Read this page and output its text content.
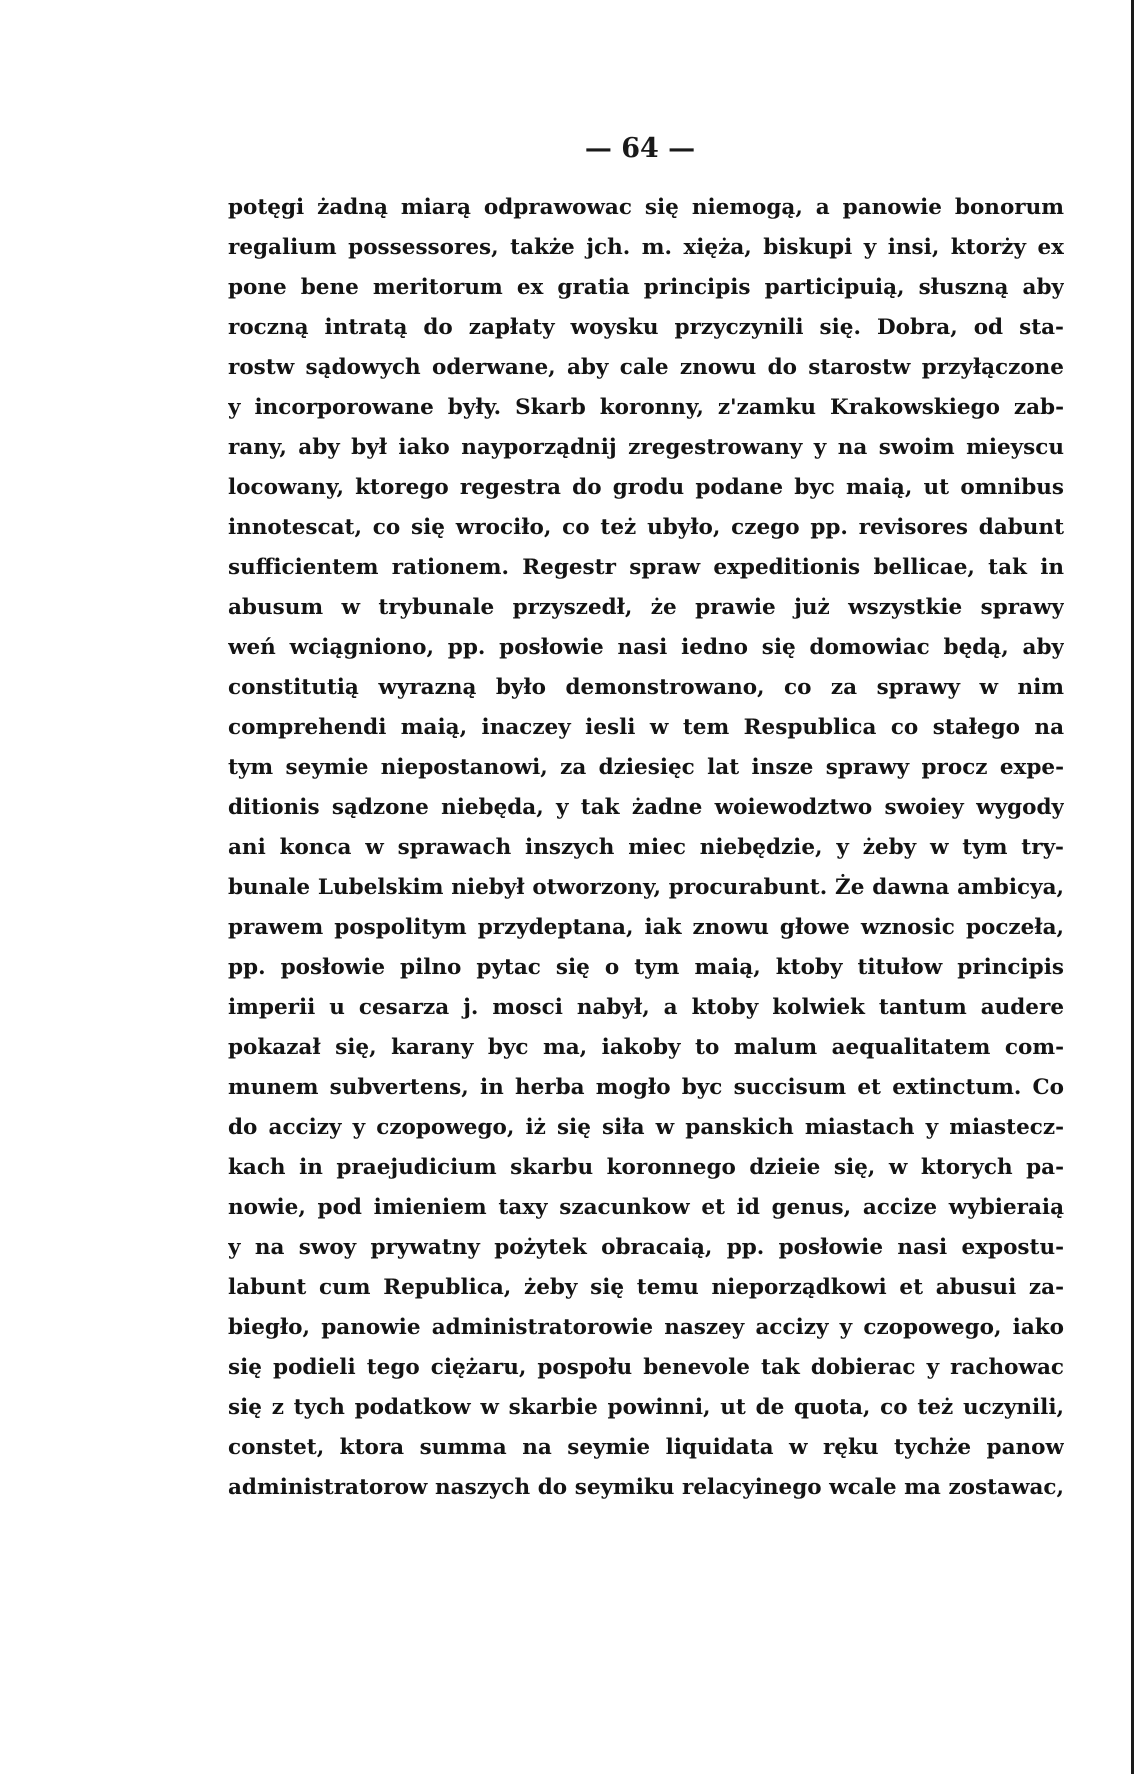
— 64 —
potęgi żadną miarą odprawowac się niemogą, a panowie bonorum
regalium possessores, także jch. m. xięża, biskupi y insi, ktorży ex
pone bene meritorum ex gratia principis participuią, słuszną aby
roczną intratą do zapłaty woysku przyczynili się. Dobra, od sta-
rostw sądowych oderwane, aby cale znowu do starostw przyłączone
y incorporowane były. Skarb koronny, z'zamku Krakowskiego zab-
rany, aby był iako nayporządnij zregestrowany y na swoim mieyscu
locowany, ktorego regestra do grodu podane byc maią, ut omnibus
innotescat, co się wrociło, co też ubyło, czego pp. revisores dabunt
sufficientem rationem. Regestr spraw expeditionis bellicae, tak in
abusum w trybunale przyszedł, że prawie już wszystkie sprawy
weń wciągniono, pp. posłowie nasi iedno się domowiac będą, aby
constitutią wyrazną było demonstrowano, co za sprawy w nim
comprehendi maią, inaczey iesli w tem Respublica co stałego na
tym seymie niepostanowi, za dziesięc lat insze sprawy procz expe-
ditionis sądzone niebęda, y tak żadne woiewodztwo swoiey wygody
ani konca w sprawach inszych miec niebędzie, y żeby w tym try-
bunale Lubelskim niebył otworzony, procurabunt. Że dawna ambicya,
prawem pospolitym przydeptana, iak znowu głowe wznosic poczeła,
pp. posłowie pilno pytac się o tym maią, ktoby titułow principis
imperii u cesarza j. mosci nabył, a ktoby kolwiek tantum audere
pokazał się, karany byc ma, iakoby to malum aequalitatem com-
munem subvertens, in herba mogło byc succisum et extinctum. Co
do accizy y czopowego, iż się siła w panskich miastach y miastecz-
kach in praejudicium skarbu koronnego dzieie się, w ktorych pa-
nowie, pod imieniem taxy szacunkow et id genus, accize wybieraią
y na swoy prywatny pożytek obracaią, pp. posłowie nasi expostu-
labunt cum Republica, żeby się temu nieporządkowi et abusui za-
biegło, panowie administratorowie naszey accizy y czopowego, iako
się podieli tego ciężaru, pospołu benevole tak dobierac y rachowac
się z tych podatkow w skarbie powinni, ut de quota, co też uczynili,
constet, ktora summa na seymie liquidata w ręku tychże panow
administratorow naszych do seymiku relacyinego wcale ma zostawac,
